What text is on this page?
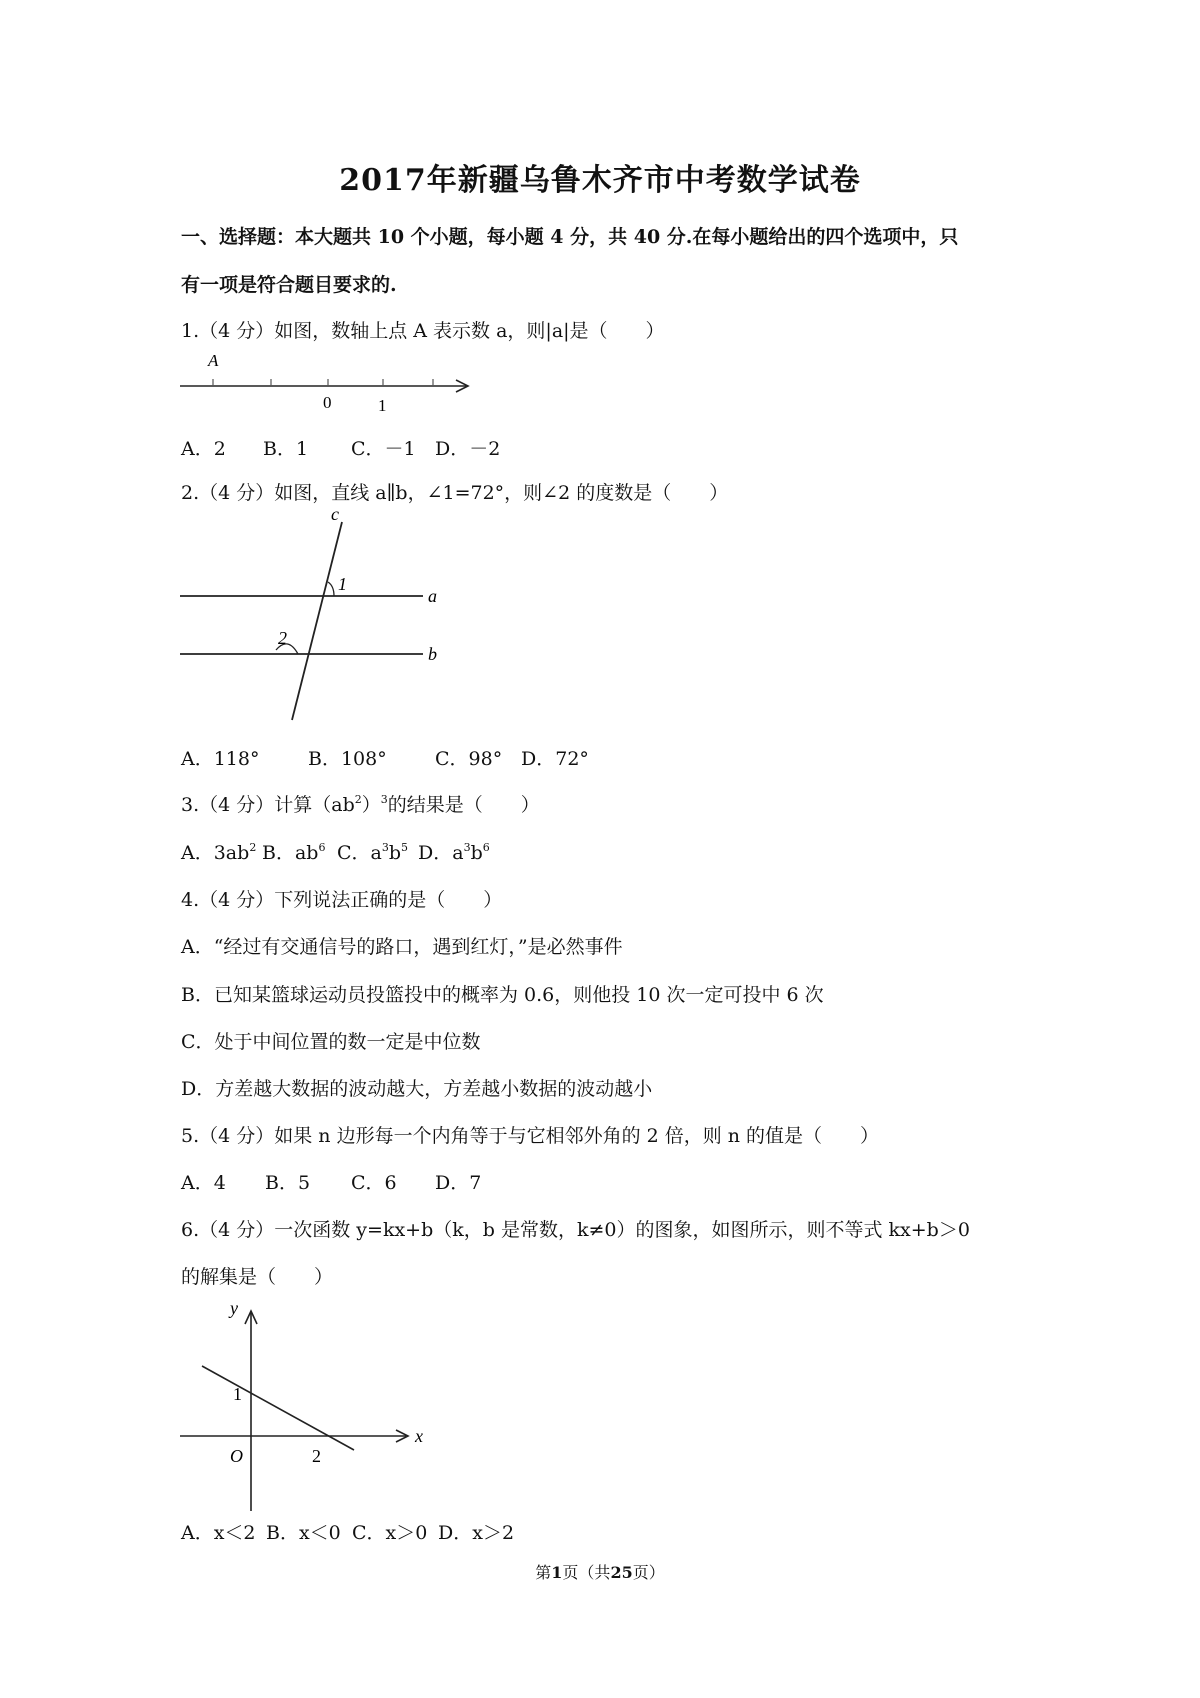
2017年新疆乌鲁木齐市中考数学试卷
一、选择题：本大题共 10 个小题，每小题 4 分，共 40 分.在每小题给出的四个选项中，只
有一项是符合题目要求的.
1.（4 分）如图，数轴上点 A 表示数 a，则|a|是（　　）
A
0	1
A．2 B．1 C．－1 D．－2
2.（4 分）如图，直线 a∥b，∠1=72°，则∠2 的度数是（　　）
c
a
b
1
2
A．118°	B．108°	C．98° D．72°
3.（4 分）计算$(ab^2)^3$的结果是（　　）
A．$3ab^2$ B．$ab^6$ C．$a^3b^5$ D．$a^3b^6$
4.（4 分）下列说法正确的是（　　）
A．“经过有交通信号的路口，遇到红灯，”是必然事件
B．已知某篮球运动员投篮投中的概率为 0.6，则他投 10 次一定可投中 6 次
C．处于中间位置的数一定是中位数
D．方差越大数据的波动越大，方差越小数据的波动越小
5.（4 分）如果 n 边形每一个内角等于与它相邻外角的 2 倍，则 n 的值是（　　）
A．4 B．5 C．6 D．7
6.（4 分）一次函数 y=kx+b（k，b 是常数，k≠0）的图象，如图所示，则不等式 kx+b＞0
的解集是（　　）
y
x
O
1
2
A．x＜2 B．x＜0 C．x＞0 D．x＞2
第1页（共25页）
